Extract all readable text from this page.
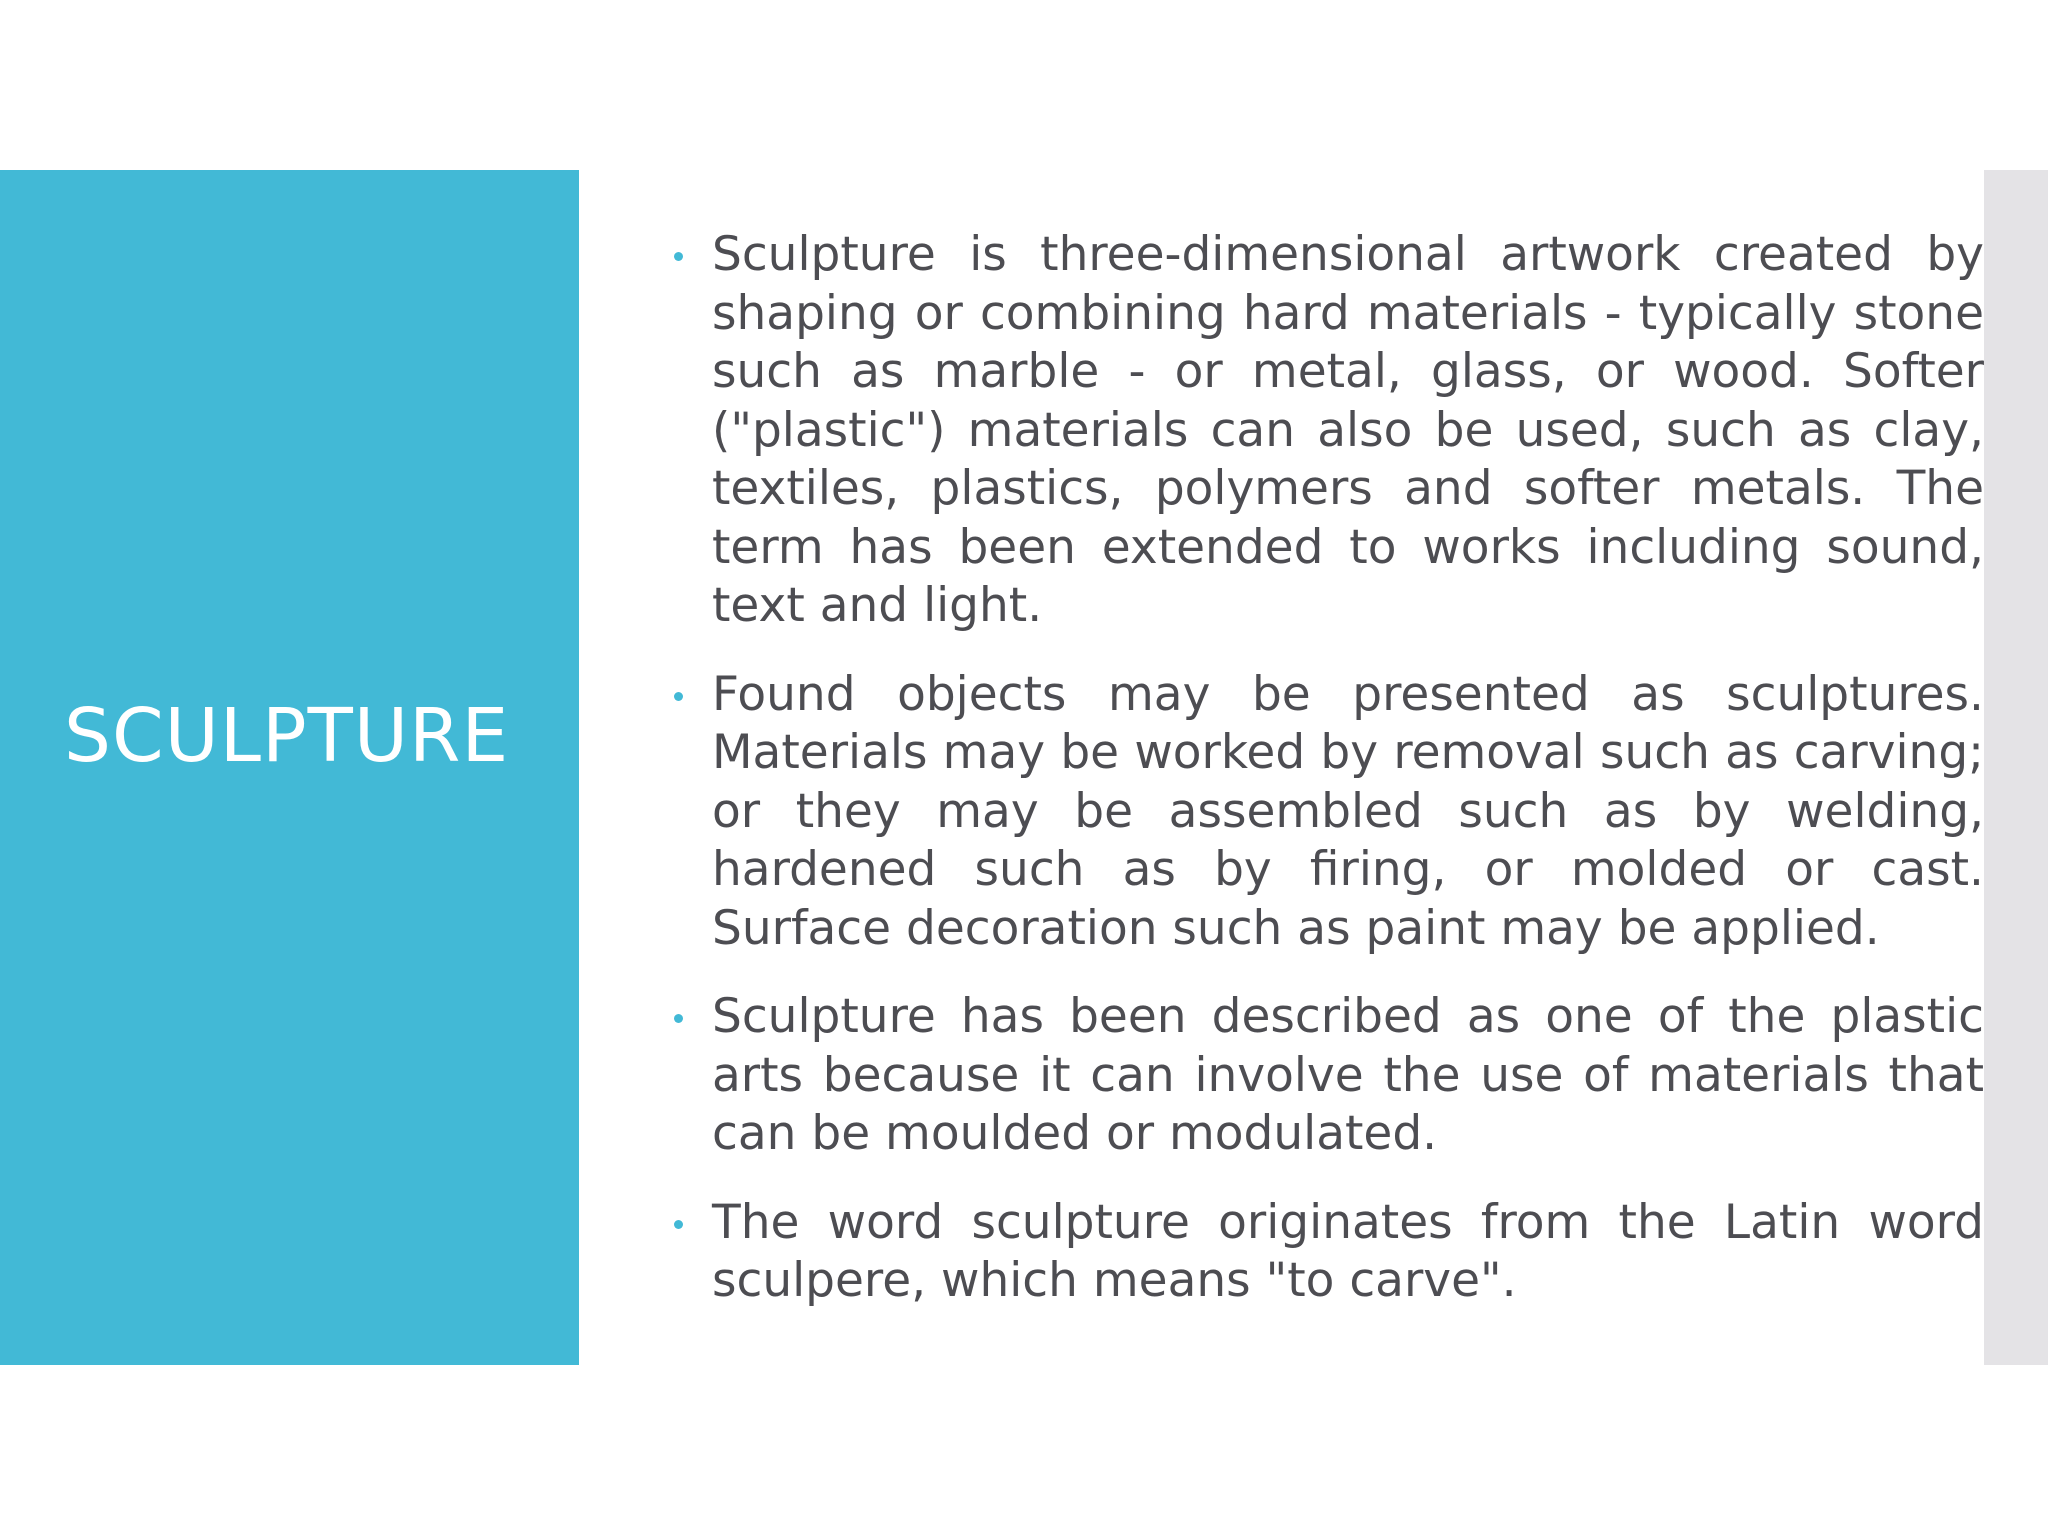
SCULPTURE
Sculpture is three-dimensional artwork created by shaping or combining hard materials - typically stone such as marble - or metal, glass, or wood. Softer ("plastic") materials can also be used, such as clay, textiles, plastics, polymers and softer metals. The term has been extended to works including sound, text and light.
Found objects may be presented as sculptures. Materials may be worked by removal such as carving; or they may be assembled such as by welding, hardened such as by firing, or molded or cast. Surface decoration such as paint may be applied.
Sculpture has been described as one of the plastic arts because it can involve the use of materials that can be moulded or modulated.
The word sculpture originates from the Latin word sculpere, which means "to carve".
